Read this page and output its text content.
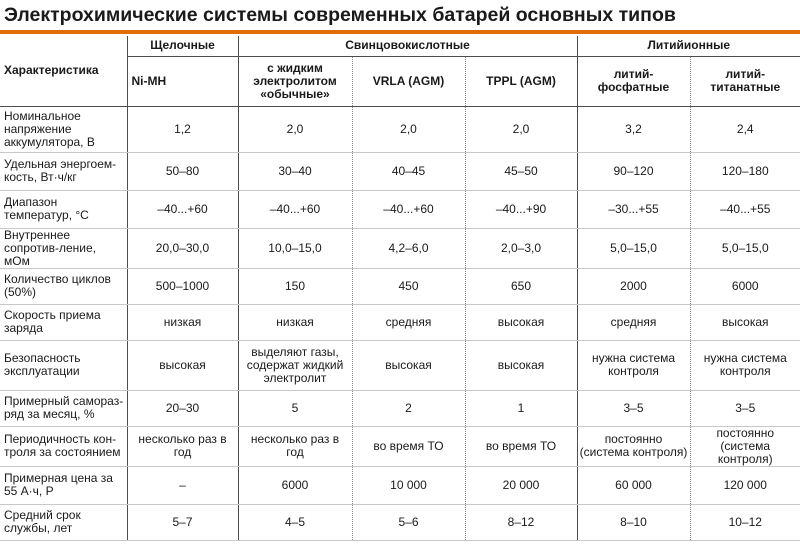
Электрохимические системы современных батарей основных типов
Характеристика	Щелочные	Свинцовокислотные			Литийионные	
	Ni-MH	с жидким электролитом «обычные»	VRLA (AGM)	TPPL (AGM)	литий-фосфатные	литий-титанатные
Номинальное напряжение аккумулятора, В	1,2	2,0	2,0	2,0	3,2	2,4
Удельная энергоем-кость, Вт·ч/кг	50–80	30–40	40–45	45–50	90–120	120–180
Диапазон температур, °С	–40...+60	–40...+60	–40...+60	–40...+90	–30...+55	–40...+55
Внутреннее сопротив-ление, мОм	20,0–30,0	10,0–15,0	4,2–6,0	2,0–3,0	5,0–15,0	5,0–15,0
Количество циклов (50%)	500–1000	150	450	650	2000	6000
Скорость приема заряда	низкая	низкая	средняя	высокая	средняя	высокая
Безопасность эксплуатации	высокая	выделяют газы, содержат жидкий электролит	высокая	высокая	нужна система контроля	нужна система контроля
Примерный самораз-ряд за месяц, %	20–30	5	2	1	3–5	3–5
Периодичность кон-троля за состоянием	несколько раз в год	несколько раз в год	во время ТО	во время ТО	постоянно (система контроля)	постоянно (система контроля)
Примерная цена за 55 А·ч, Р	–	6000	10 000	20 000	60 000	120 000
Средний срок службы, лет	5–7	4–5	5–6	8–12	8–10	10–12
